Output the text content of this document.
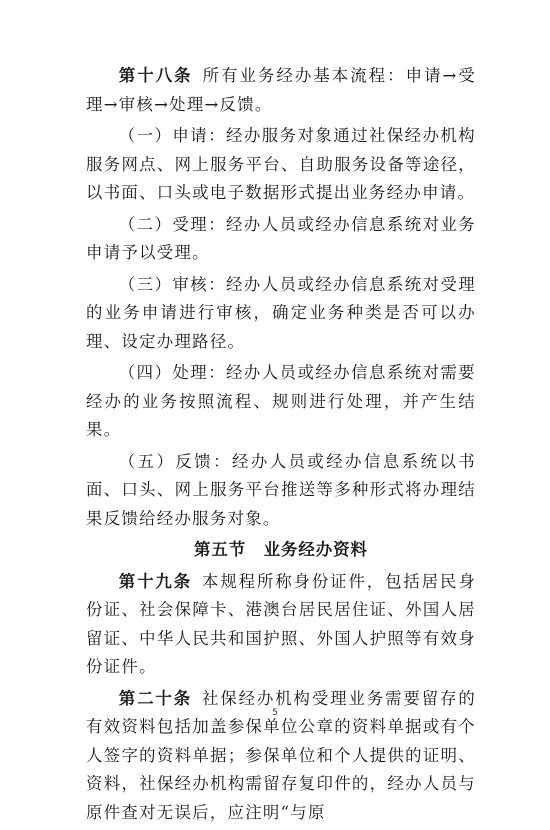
第十八条 所有业务经办基本流程：申请→受理→审核→处理→反馈。

（一）申请：经办服务对象通过社保经办机构服务网点、网上服务平台、自助服务设备等途径，以书面、口头或电子数据形式提出业务经办申请。

（二）受理：经办人员或经办信息系统对业务申请予以受理。

（三）审核：经办人员或经办信息系统对受理的业务申请进行审核，确定业务种类是否可以办理、设定办理路径。

（四）处理：经办人员或经办信息系统对需要经办的业务按照流程、规则进行处理，并产生结果。

（五）反馈：经办人员或经办信息系统以书面、口头、网上服务平台推送等多种形式将办理结果反馈给经办服务对象。

第五节　业务经办资料

第十九条 本规程所称身份证件，包括居民身份证、社会保障卡、港澳台居民居住证、外国人居留证、中华人民共和国护照、外国人护照等有效身份证件。

第二十条 社保经办机构受理业务需要留存的有效资料包括加盖参保单位公章的资料单据或有个人签字的资料单据；参保单位和个人提供的证明、资料，社保经办机构需留存复印件的，经办人员与原件查对无误后，应注明“与原

5
